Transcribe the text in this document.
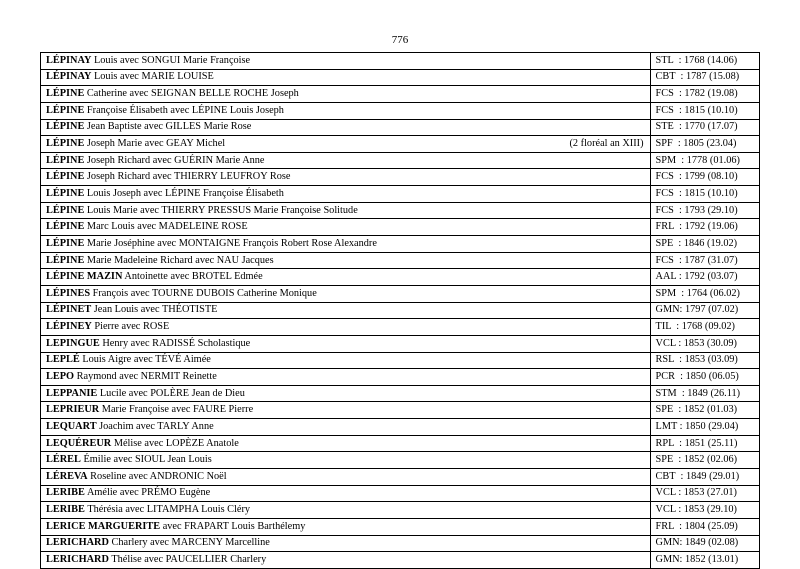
776
LÉPINAY Louis avec SONGUI Marie Françoise	STL  : 1768 (14.06)
LÉPINAY Louis avec MARIE LOUISE	CBT  : 1787 (15.08)
LÉPINE Catherine avec SEIGNAN BELLE ROCHE Joseph	FCS  : 1782 (19.08)
LÉPINE Françoise Élisabeth avec LÉPINE Louis Joseph	FCS  : 1815 (10.10)
LÉPINE Jean Baptiste avec GILLES Marie Rose	STE  : 1770 (17.07)
LÉPINE Joseph Marie avec GEAY Michel (2 floréal an XIII)	SPF  : 1805 (23.04)
LÉPINE Joseph Richard avec GUÉRIN Marie Anne	SPM  : 1778 (01.06)
LÉPINE Joseph Richard avec THIERRY LEUFROY Rose	FCS  : 1799 (08.10)
LÉPINE Louis Joseph avec LÉPINE Françoise Élisabeth	FCS  : 1815 (10.10)
LÉPINE Louis Marie avec THIERRY PRESSUS Marie Françoise Solitude	FCS  : 1793 (29.10)
LÉPINE Marc Louis avec MADELEINE ROSE	FRL  : 1792 (19.06)
LÉPINE Marie Joséphine avec MONTAIGNE François Robert Rose Alexandre	SPE  : 1846 (19.02)
LÉPINE Marie Madeleine Richard avec NAU Jacques	FCS  : 1787 (31.07)
LÉPINE MAZIN Antoinette avec BROTEL Edmée	AAL : 1792 (03.07)
LÉPINES François avec TOURNE DUBOIS Catherine Monique	SPM  : 1764 (06.02)
LÉPINET Jean Louis avec THÉOTISTE	GMN: 1797 (07.02)
LÉPINEY Pierre avec ROSE	TIL  : 1768 (09.02)
LEPINGUE Henry avec RADISSÉ Scholastique	VCL : 1853 (30.09)
LEPLÉ Louis Aigre avec TÉVÉ Aimée	RSL  : 1853 (03.09)
LEPO Raymond avec NERMIT Reinette	PCR  : 1850 (06.05)
LEPPANIE Lucile avec POLÈRE Jean de Dieu	STM  : 1849 (26.11)
LEPRIEUR Marie Françoise avec FAURE Pierre	SPE  : 1852 (01.03)
LEQUART Joachim avec TARLY Anne	LMT : 1850 (29.04)
LEQUÉREUR Mélise avec LOPÈZE Anatole	RPL  : 1851 (25.11)
LÉREL Émilie avec SIOUL Jean Louis	SPE  : 1852 (02.06)
LÉREVA Roseline avec ANDRONIC Noël	CBT  : 1849 (29.01)
LERIBE Amélie avec PRÉMO Eugène	VCL : 1853 (27.01)
LERIBE Thérésia avec LITAMPHA Louis Cléry	VCL : 1853 (29.10)
LERICE MARGUERITE avec FRAPART Louis Barthélemy	FRL  : 1804 (25.09)
LERICHARD Charlery avec MARCENY Marcelline	GMN: 1849 (02.08)
LERICHARD Thélise avec PAUCELLIER Charlery	GMN: 1852 (13.01)
